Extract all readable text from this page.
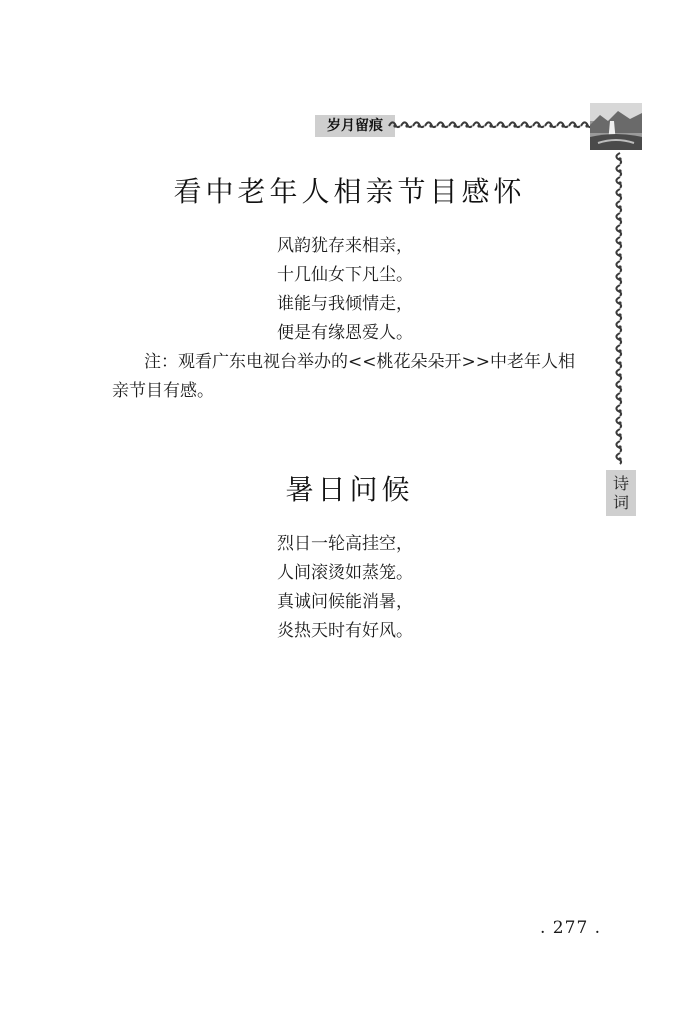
岁月留痕
诗
词
看中老年人相亲节目感怀
风韵犹存来相亲，
十几仙女下凡尘。
谁能与我倾情走，
便是有缘恩爱人。
注：观看广东电视台举办的<<桃花朵朵开>>中老年人相
亲节目有感。
暑日问候
烈日一轮高挂空，
人间滚烫如蒸笼。
真诚问候能消暑，
炎热天时有好风。
. 277 .
